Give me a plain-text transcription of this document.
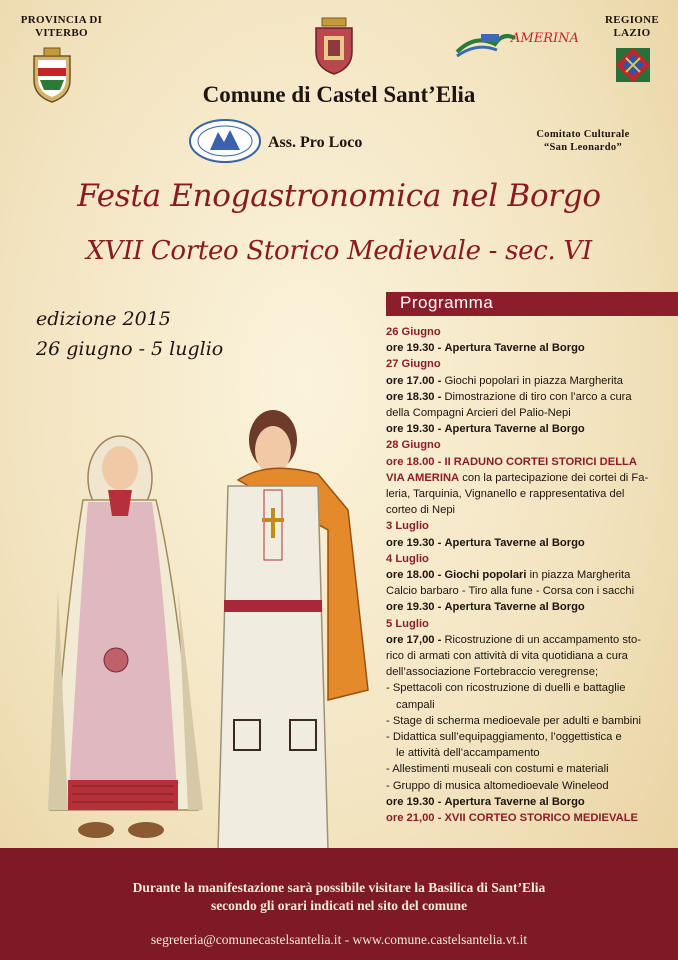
PROVINCIA DI VITERBO	AMERINA
REGIONE LAZIO
Comune di Castel Sant’Elia
Ass. Pro Loco	Comitato Culturale
“San Leonardo”
Festa Enogastronomica nel Borgo
XVII Corteo Storico Medievale - sec. VI
edizione 2015
26 giugno - 5 luglio
Programma
26 Giugno
ore 19.30 - Apertura Taverne al Borgo
27 Giugno
ore 17.00 - Giochi popolari in piazza Margherita
ore 18.30 - Dimostrazione di tiro con l’arco a cura
della Compagni Arcieri del Palio-Nepi
ore 19.30 - Apertura Taverne al Borgo
28 Giugno
ore 18.00 - II RADUNO CORTEI STORICI DELLA
VIA AMERINA con la partecipazione dei cortei di Fa-
leria, Tarquinia, Vignanello e rappresentativa del
corteo di Nepi
3 Luglio
ore 19.30 - Apertura Taverne al Borgo
4 Luglio
ore 18.00 - Giochi popolari in piazza Margherita
Calcio barbaro - Tiro alla fune - Corsa con i sacchi
ore 19.30 - Apertura Taverne al Borgo
5 Luglio
ore 17,00 - Ricostruzione di un accampamento sto-
rico di armati con attività di vita quotidiana a cura
dell’associazione Fortebraccio veregrense;
- Spettacoli con ricostruzione di duelli e battaglie
campali
- Stage di scherma medioevale per adulti e bambini
- Didattica sull’equipaggiamento, l’oggettistica e
le attività dell’accampamento
- Allestimenti museali con costumi e materiali
- Gruppo di musica altomedioevale Wineleod
ore 19.30 - Apertura Taverne al Borgo
ore 21,00 - XVII CORTEO STORICO MEDIEVALE
Durante la manifestazione sarà possibile visitare la Basilica di Sant’Elia
secondo gli orari indicati nel sito del comune
segreteria@comunecastelsantelia.it - www.comune.castelsantelia.vt.it
